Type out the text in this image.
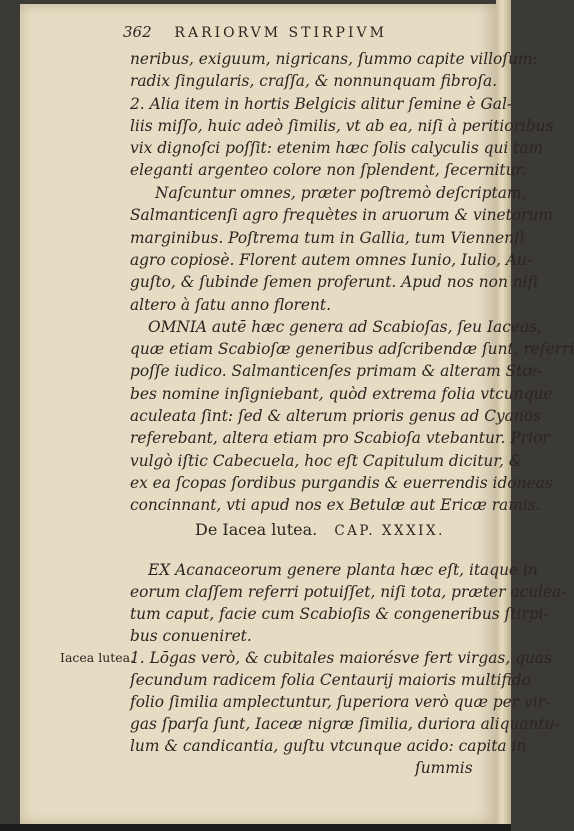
362 RARIORVM STIRPIVM
neribus, exiguum, nigricans, ſummo capite villoſum:
radix ſingularis, craſſa, & nonnunquam fibroſa.
2. Alia item in hortis Belgicis alitur ſemine è Gal-
liis miſſo, huic adeò ſimilis, vt ab ea, niſi à peritioribus
vix dignoſci poſſit: etenim hæc ſolis calyculis qui tam
eleganti argenteo colore non ſplendent, ſecernitur.
Naſcuntur omnes, præter poſtremò deſcriptam,
Salmanticenſi agro frequètes in aruorum & vinetorum
marginibus. Poſtrema tum in Gallia, tum Viennenſi
agro copiosè. Florent autem omnes Iunio, Iulio, Au-
guſto, & ſubinde ſemen proferunt. Apud nos non niſi
altero à ſatu anno florent.
OMNIA autē hæc genera ad Scabioſas, ſeu Iaceas,
quæ etiam Scabioſæ generibus adſcribendæ ſunt, referri
poſſe iudico. Salmanticenſes primam & alteram Stœ-
bes nomine inſigniebant, quòd extrema folia vtcunque
aculeata ſint: ſed & alterum prioris genus ad Cyanos
referebant, altera etiam pro Scabioſa vtebantur. Prior
vulgò iſtic Cabecuela, hoc eſt Capitulum dicitur, &
ex ea ſcopas ſordibus purgandis & euerrendis idoneas
concinnant, vti apud nos ex Betulæ aut Ericæ ramis.
De Iacea lutea. CAP. XXXIX.
EX Acanaceorum genere planta hæc eſt, itaque in
eorum claſſem referri potuiſſet, niſi tota, præter aculea-
tum caput, facie cum Scabioſis & congeneribus ſtirpi-
bus conueniret.
1. Lōgas verò, & cubitales maiorésve fert virgas, quas
ſecundum radicem folia Centaurij maioris multifido
folio ſimilia amplectuntur, ſuperiora verò quæ per vir-
gas ſparſa ſunt, Iaceæ nigræ ſimilia, duriora aliquantu-
lum & candicantia, guſtu vtcunque acido: capita in
ſummis
Iacea lutea.
